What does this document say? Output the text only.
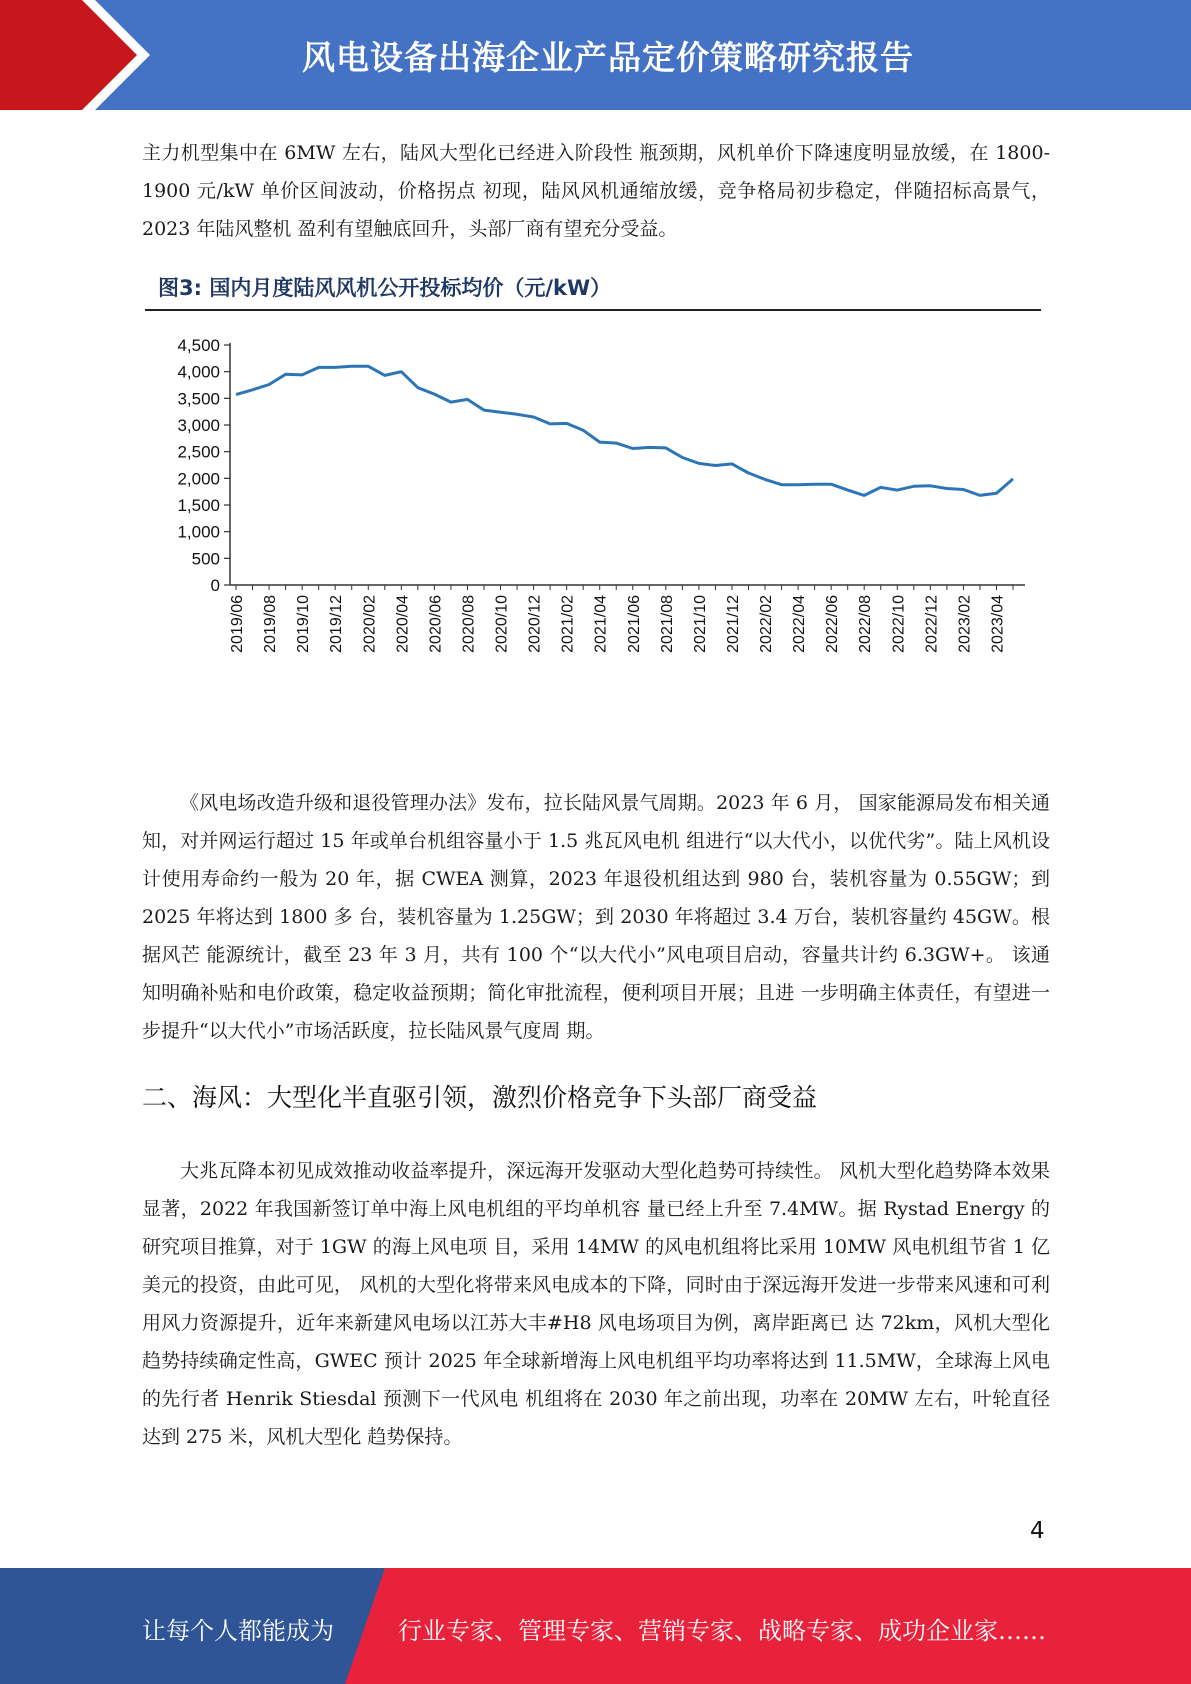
风电设备出海企业产品定价策略研究报告

主力机型集中在 6MW 左右，陆风大型化已经进入阶段性 瓶颈期，风机单价下降速度明显放缓，在 1800-1900 元/kW 单价区间波动，价格拐点 初现，陆风风机通缩放缓，竞争格局初步稳定，伴随招标高景气，2023 年陆风整机 盈利有望触底回升，头部厂商有望充分受益。

图3: 国内月度陆风风机公开投标均价（元/kW）
0
500
1,000
1,500
2,000
2,500
3,000
3,500
4,000
4,500
2019/06 2019/08 2019/10 2019/12 2020/02 2020/04 2020/06 2020/08 2020/10 2020/12 2021/02 2021/04 2021/06 2021/08 2021/10 2021/12 2022/02 2022/04 2022/06 2022/08 2022/10 2022/12 2023/02 2023/04

《风电场改造升级和退役管理办法》发布，拉长陆风景气周期。2023 年 6 月， 国家能源局发布相关通知，对并网运行超过 15 年或单台机组容量小于 1.5 兆瓦风电机 组进行“以大代小，以优代劣”。陆上风机设计使用寿命约一般为 20 年，据 CWEA 测算，2023 年退役机组达到 980 台，装机容量为 0.55GW；到 2025 年将达到 1800 多 台，装机容量为 1.25GW；到 2030 年将超过 3.4 万台，装机容量约 45GW。根据风芒 能源统计，截至 23 年 3 月，共有 100 个“以大代小”风电项目启动，容量共计约 6.3GW+。 该通知明确补贴和电价政策，稳定收益预期；简化审批流程，便利项目开展；且进 一步明确主体责任，有望进一步提升“以大代小”市场活跃度，拉长陆风景气度周 期。

二、海风：大型化半直驱引领，激烈价格竞争下头部厂商受益

大兆瓦降本初见成效推动收益率提升，深远海开发驱动大型化趋势可持续性。 风机大型化趋势降本效果显著，2022 年我国新签订单中海上风电机组的平均单机容 量已经上升至 7.4MW。据 Rystad Energy 的研究项目推算，对于 1GW 的海上风电项 目，采用 14MW 的风电机组将比采用 10MW 风电机组节省 1 亿美元的投资，由此可见， 风机的大型化将带来风电成本的下降，同时由于深远海开发进一步带来风速和可利 用风力资源提升，近年来新建风电场以江苏大丰#H8 风电场项目为例，离岸距离已 达 72km，风机大型化趋势持续确定性高，GWEC 预计 2025 年全球新增海上风电机组平均功率将达到 11.5MW，全球海上风电的先行者 Henrik Stiesdal 预测下一代风电 机组将在 2030 年之前出现，功率在 20MW 左右，叶轮直径达到 275 米，风机大型化 趋势保持。

4
让每个人都能成为	行业专家、管理专家、营销专家、战略专家、成功企业家……
